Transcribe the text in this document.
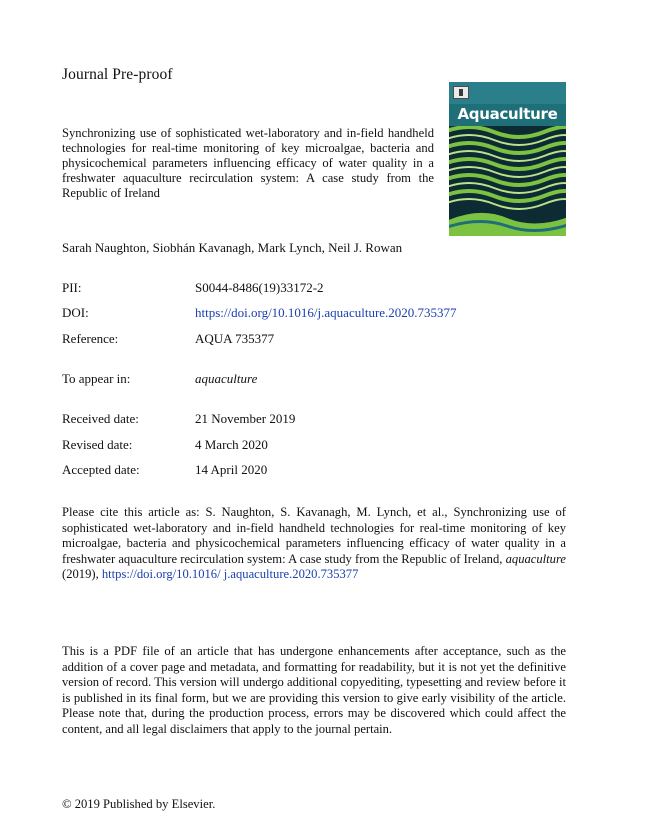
Journal Pre-proof
Synchronizing use of sophisticated wet-laboratory and in-field handheld technologies for real-time monitoring of key microalgae, bacteria and physicochemical parameters influencing efficacy of water quality in a freshwater aquaculture recirculation system: A case study from the Republic of Ireland
Aquaculture
Sarah Naughton, Siobhán Kavanagh, Mark Lynch, Neil J. Rowan
PII:	S0044-8486(19)33172-2
DOI:	https://doi.org/10.1016/j.aquaculture.2020.735377
Reference:	AQUA 735377
To appear in:	aquaculture
Received date:	21 November 2019
Revised date:	4 March 2020
Accepted date:	14 April 2020
Please cite this article as: S. Naughton, S. Kavanagh, M. Lynch, et al., Synchronizing use of sophisticated wet-laboratory and in-field handheld technologies for real-time monitoring of key microalgae, bacteria and physicochemical parameters influencing efficacy of water quality in a freshwater aquaculture recirculation system: A case study from the Republic of Ireland, aquaculture (2019), https://doi.org/10.1016/ j.aquaculture.2020.735377
This is a PDF file of an article that has undergone enhancements after acceptance, such as the addition of a cover page and metadata, and formatting for readability, but it is not yet the definitive version of record. This version will undergo additional copyediting, typesetting and review before it is published in its final form, but we are providing this version to give early visibility of the article. Please note that, during the production process, errors may be discovered which could affect the content, and all legal disclaimers that apply to the journal pertain.
© 2019 Published by Elsevier.
